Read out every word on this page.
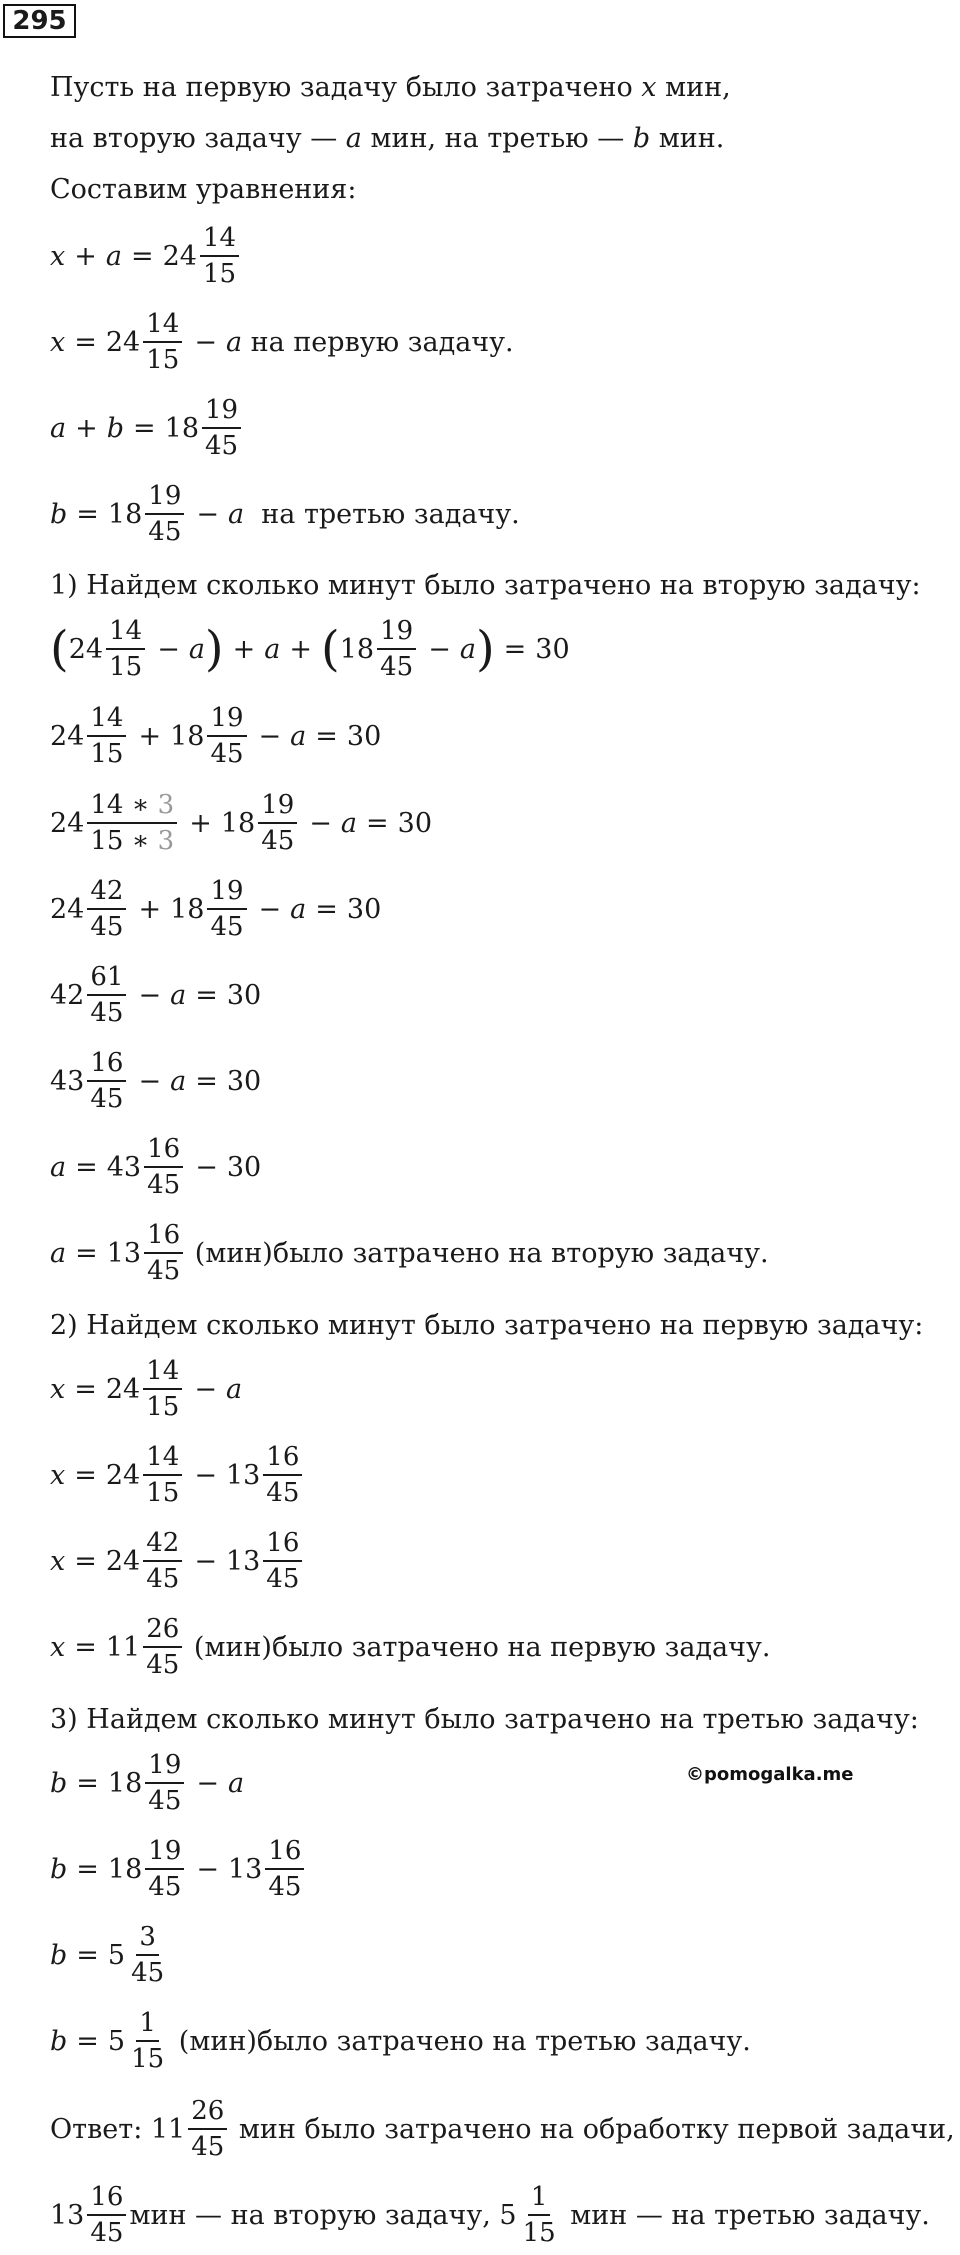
295
Пусть на первую задачу было затрачено x мин,
на вторую задачу — a мин, на третью — b мин.
Составим уравнения:
x + a = 24
14
15
x = 24
14
15
− a
на первую задачу.
a + b = 18
19
45
b = 18
19
45
− a
на третью задачу.
1) Найдем сколько минут было затрачено на вторую задачу:
( 24
14
15
− a ) + a + ( 18
19
45
− a ) = 30
24
14
15
+ 18
19
45
− a = 30
24
14 ∗ 3
15 ∗ 3
+ 18
19
45
− a = 30
24
42
45
+ 18
19
45
− a = 30
42
61
45
− a = 30
43
16
45
− a = 30
a = 43
16
45
− 30
a = 13
16
45

(мин)было затрачено на вторую задачу.
2) Найдем сколько минут было затрачено на первую задачу:
x = 24
14
15
− a
x = 24
14
15
− 13
16
45
x = 24
42
45
− 13
16
45
x = 11
26
45

(мин)было затрачено на первую задачу.
3) Найдем сколько минут было затрачено на третью задачу:
©pomogalka.me
b = 18
19
45
− a
b = 18
19
45
− 13
16
45
b = 5
3
45
b = 5
1
15

(мин)было затрачено на третью задачу.
Ответ: 11
26
45

мин было затрачено на обработку первой задачи,
13
16
45
мин — на вторую задачу, 5
1
15

мин — на третью задачу.
